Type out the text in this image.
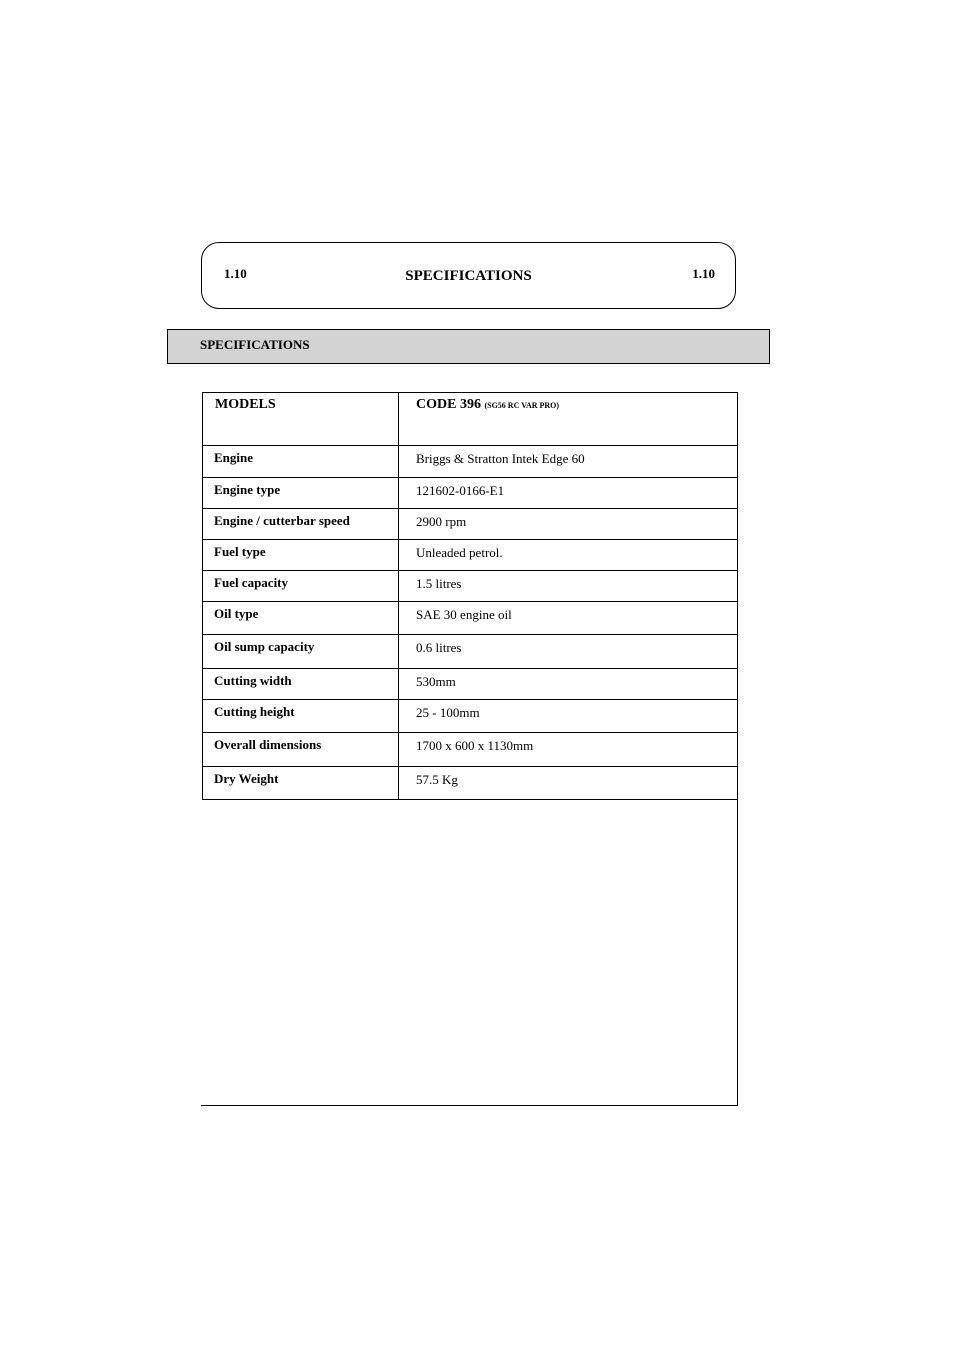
1.10	SPECIFICATIONS	1.10
SPECIFICATIONS
MODELS	CODE 396 (SG56 RC VAR PRO)
Engine	Briggs & Stratton Intek Edge 60
Engine type	121602-0166-E1
Engine / cutterbar speed	2900 rpm
Fuel type	Unleaded petrol.
Fuel capacity	1.5 litres
Oil type	SAE 30 engine oil
Oil sump capacity	0.6 litres
Cutting width	530mm
Cutting height	25 - 100mm
Overall dimensions	1700 x 600 x 1130mm
Dry Weight	57.5 Kg
